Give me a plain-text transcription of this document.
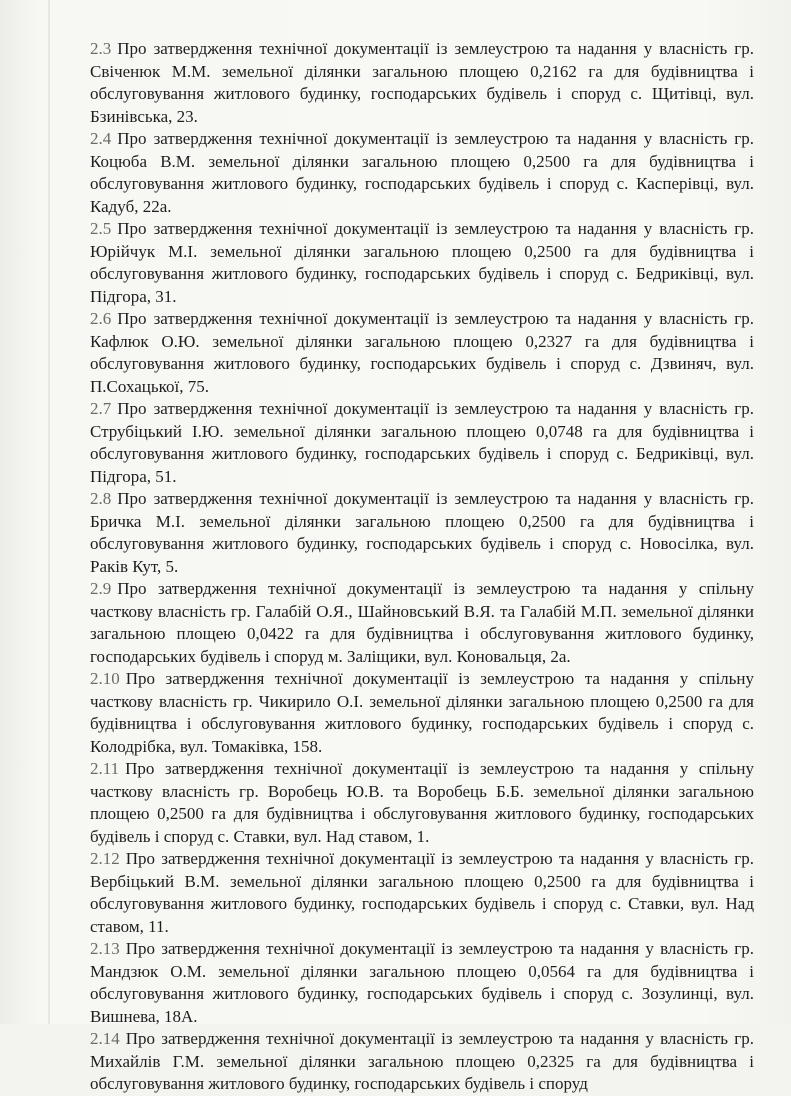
2.3 Про затвердження технічної документації із землеустрою та надання у власність гр. Свіченюк М.М. земельної ділянки загальною площею 0,2162 га для будівництва і обслуговування житлового будинку, господарських будівель і споруд с. Щитівці, вул. Бзинівська, 23.

2.4 Про затвердження технічної документації із землеустрою та надання у власність гр. Коцюба В.М. земельної ділянки загальною площею 0,2500 га для будівництва і обслуговування житлового будинку, господарських будівель і споруд с. Касперівці, вул. Кадуб, 22а.

2.5 Про затвердження технічної документації із землеустрою та надання у власність гр. Юрійчук М.І. земельної ділянки загальною площею 0,2500 га для будівництва і обслуговування житлового будинку, господарських будівель і споруд с. Бедриківці, вул. Підгора, 31.

2.6 Про затвердження технічної документації із землеустрою та надання у власність гр. Кафлюк О.Ю. земельної ділянки загальною площею 0,2327 га для будівництва і обслуговування житлового будинку, господарських будівель і споруд с. Дзвиняч, вул. П.Сохацької, 75.

2.7 Про затвердження технічної документації із землеустрою та надання у власність гр. Струбіцький І.Ю. земельної ділянки загальною площею 0,0748 га для будівництва і обслуговування житлового будинку, господарських будівель і споруд с. Бедриківці, вул. Підгора, 51.

2.8 Про затвердження технічної документації із землеустрою та надання у власність гр. Бричка М.І. земельної ділянки загальною площею 0,2500 га для будівництва і обслуговування житлового будинку, господарських будівель і споруд с. Новосілка, вул. Раків Кут, 5.

2.9 Про затвердження технічної документації із землеустрою та надання у спільну часткову власність гр. Галабій О.Я., Шайновський В.Я. та Галабій М.П. земельної ділянки загальною площею 0,0422 га для будівництва і обслуговування житлового будинку, господарських будівель і споруд м. Заліщики, вул. Коновальця, 2а.

2.10 Про затвердження технічної документації із землеустрою та надання у спільну часткову власність гр. Чикирило О.І. земельної ділянки загальною площею 0,2500 га для будівництва і обслуговування житлового будинку, господарських будівель і споруд с. Колодрібка, вул. Томаківка, 158.

2.11 Про затвердження технічної документації із землеустрою та надання у спільну часткову власність гр. Воробець Ю.В. та Воробець Б.Б. земельної ділянки загальною площею 0,2500 га для будівництва і обслуговування житлового будинку, господарських будівель і споруд с. Ставки, вул. Над ставом, 1.

2.12 Про затвердження технічної документації із землеустрою та надання у власність гр. Вербіцький В.М. земельної ділянки загальною площею 0,2500 га для будівництва і обслуговування житлового будинку, господарських будівель і споруд с. Ставки, вул. Над ставом, 11.

2.13 Про затвердження технічної документації із землеустрою та надання у власність гр. Мандзюк О.М. земельної ділянки загальною площею 0,0564 га для будівництва і обслуговування житлового будинку, господарських будівель і споруд с. Зозулинці, вул. Вишнева, 18А.

2.14 Про затвердження технічної документації із землеустрою та надання у власність гр. Михайлів Г.М. земельної ділянки загальною площею 0,2325 га для будівництва і обслуговування житлового будинку, господарських будівель і споруд
